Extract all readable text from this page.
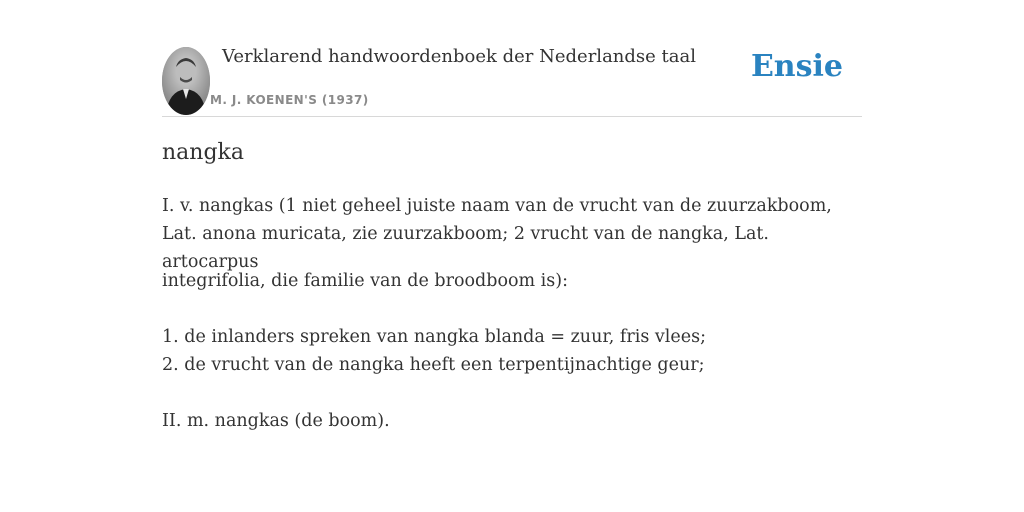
Verklarend handwoordenboek der Nederlandse taal
M. J. KOENEN'S (1937)
Ensie
nangka

I. v. nangkas (1 niet geheel juiste naam van de vrucht van de zuurzakboom, Lat. anona muricata, zie zuurzakboom; 2 vrucht van de nangka, Lat. artocarpus

integrifolia, die familie van de broodboom is):

1. de inlanders spreken van nangka blanda = zuur, fris vlees;
2. de vrucht van de nangka heeft een terpentijnachtige geur;

II. m. nangkas (de boom).
